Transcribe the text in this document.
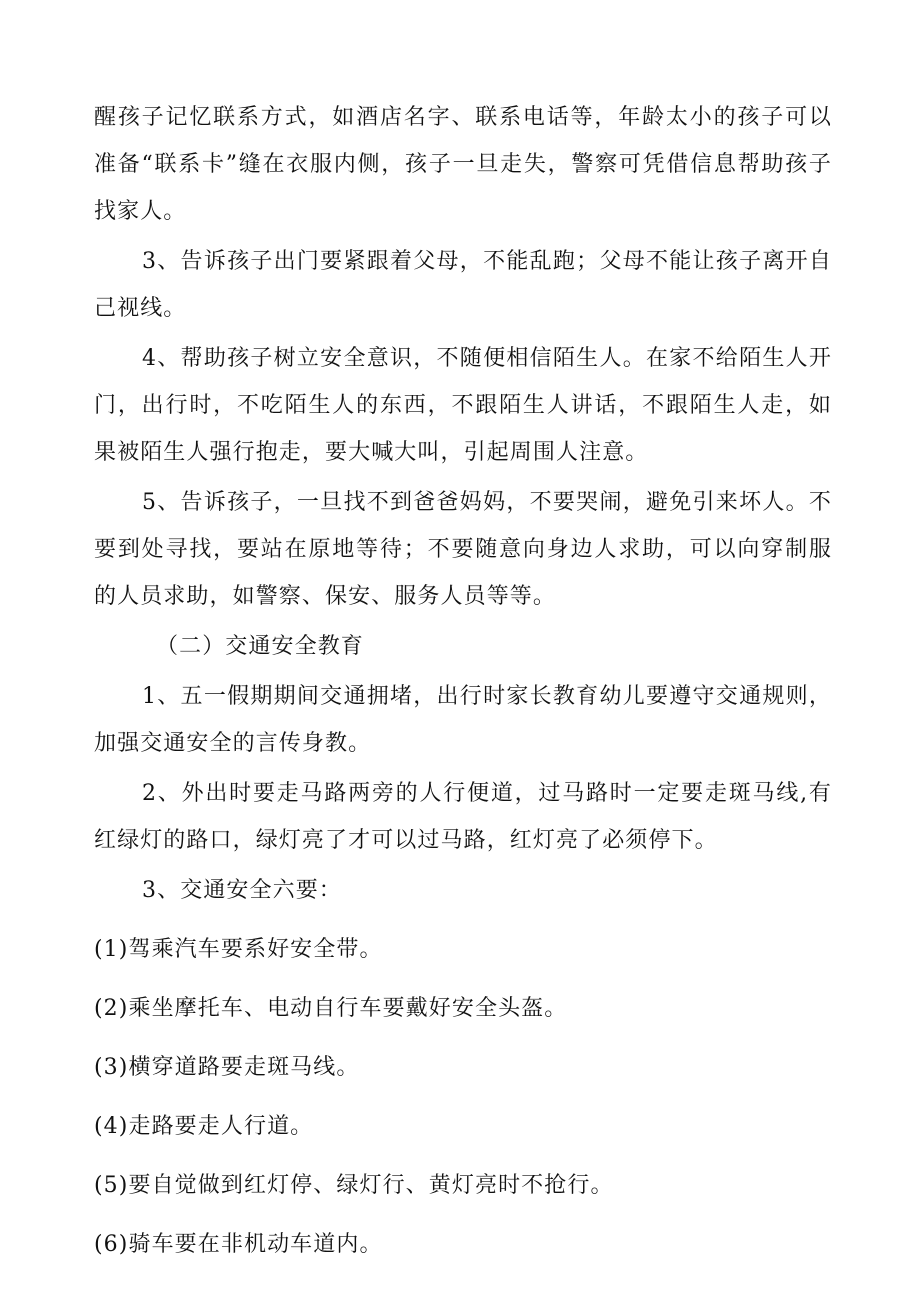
醒孩子记忆联系方式，如酒店名字、联系电话等，年龄太小的孩子可以准备“联系卡”缝在衣服内侧，孩子一旦走失，警察可凭借信息帮助孩子找家人。

3、告诉孩子出门要紧跟着父母，不能乱跑；父母不能让孩子离开自己视线。

4、帮助孩子树立安全意识，不随便相信陌生人。在家不给陌生人开门，出行时，不吃陌生人的东西，不跟陌生人讲话，不跟陌生人走，如果被陌生人强行抱走，要大喊大叫，引起周围人注意。

5、告诉孩子，一旦找不到爸爸妈妈，不要哭闹，避免引来坏人。不要到处寻找，要站在原地等待；不要随意向身边人求助，可以向穿制服的人员求助，如警察、保安、服务人员等等。

（二）交通安全教育

1、五一假期期间交通拥堵，出行时家长教育幼儿要遵守交通规则，加强交通安全的言传身教。

2、外出时要走马路两旁的人行便道，过马路时一定要走斑马线,有红绿灯的路口，绿灯亮了才可以过马路，红灯亮了必须停下。

3、交通安全六要：

(1)驾乘汽车要系好安全带。

(2)乘坐摩托车、电动自行车要戴好安全头盔。

(3)横穿道路要走斑马线。

(4)走路要走人行道。

(5)要自觉做到红灯停、绿灯行、黄灯亮时不抢行。

(6)骑车要在非机动车道内。
